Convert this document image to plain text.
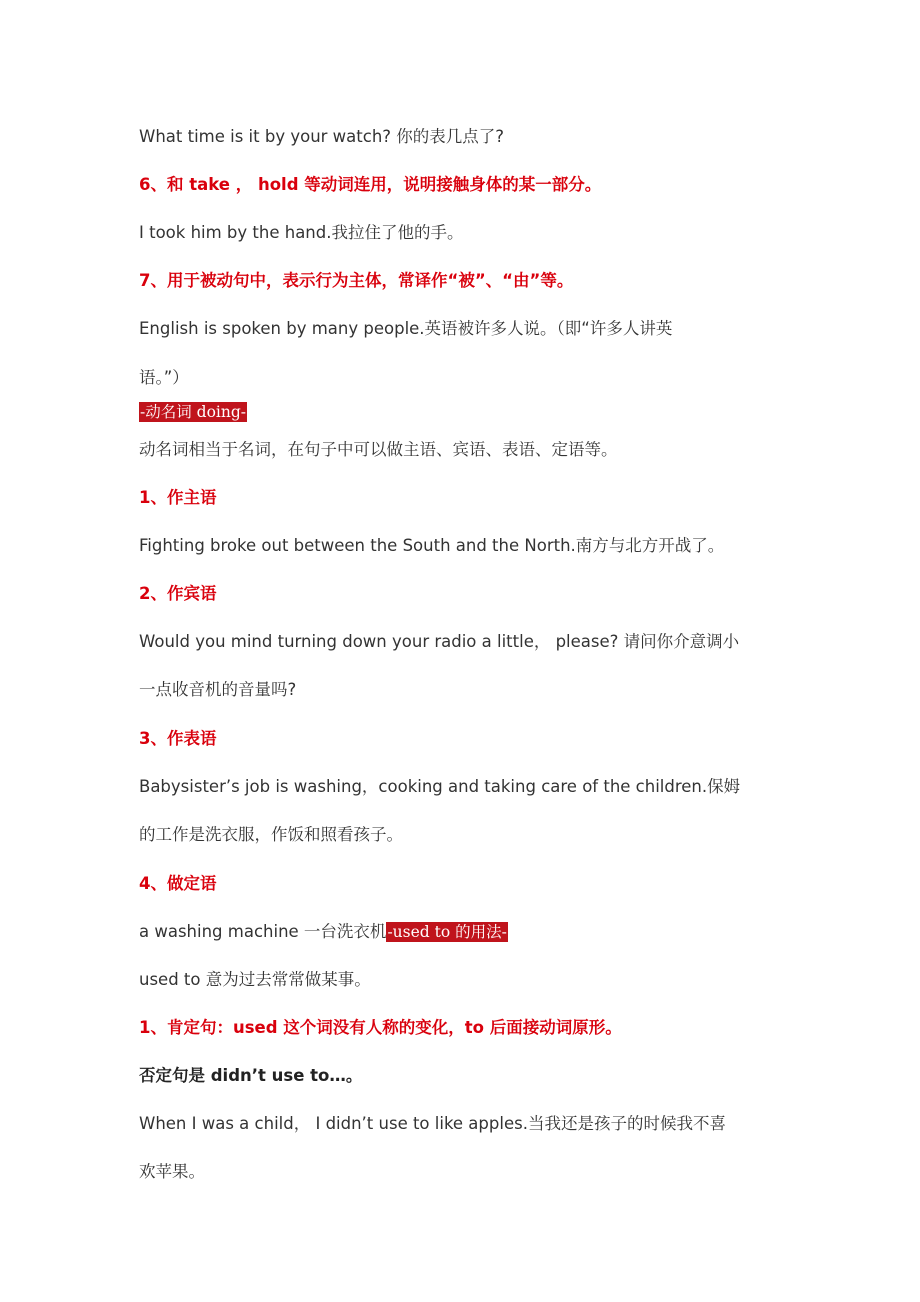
What time is it by your watch? 你的表几点了?
6、和 take ， hold 等动词连用，说明接触身体的某一部分。
I took him by the hand.我拉住了他的手。
7、用于被动句中，表示行为主体，常译作“被”、“由”等。
English is spoken by many people.英语被许多人说。（即“许多人讲英
语。”）
-动名词 doing-
动名词相当于名词，在句子中可以做主语、宾语、表语、定语等。
1、作主语
Fighting broke out between the South and the North.南方与北方开战了。
2、作宾语
Would you mind turning down your radio a little， please? 请问你介意调小
一点收音机的音量吗?
3、作表语
Babysister’s job is washing，cooking and taking care of the children.保姆
的工作是洗衣服，作饭和照看孩子。
4、做定语
a washing machine 一台洗衣机-used to 的用法-
used to 意为过去常常做某事。
1、肯定句：used 这个词没有人称的变化，to 后面接动词原形。
否定句是 didn’t use to…。
When I was a child， I didn’t use to like apples.当我还是孩子的时候我不喜
欢苹果。
